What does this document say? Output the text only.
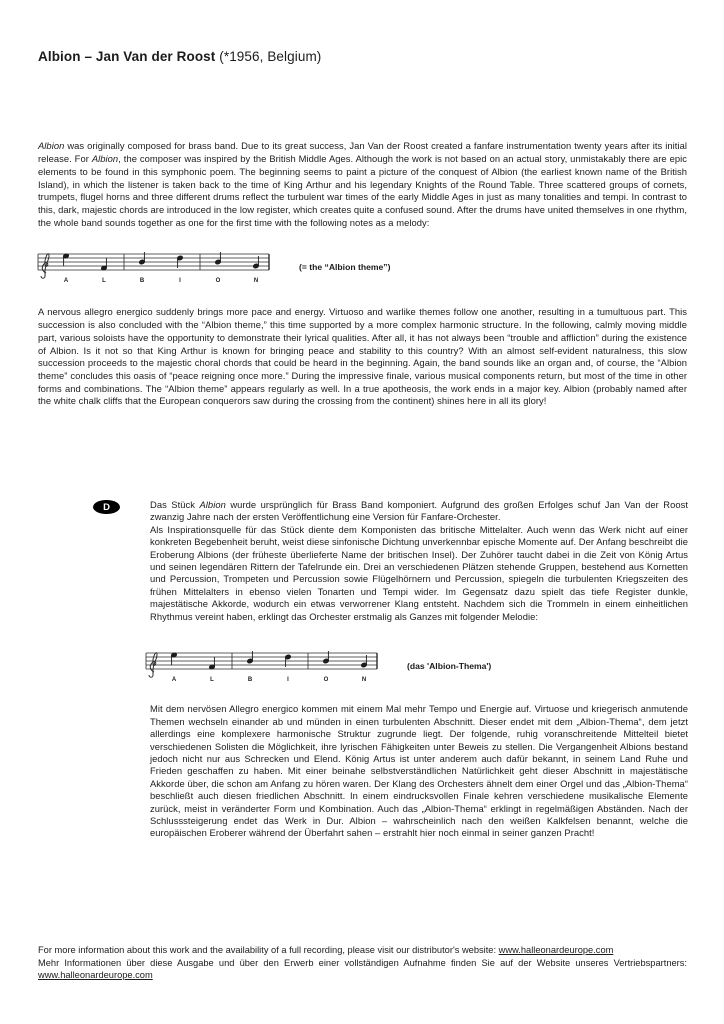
Albion – Jan Van der Roost (*1956, Belgium)

Albion was originally composed for brass band. Due to its great success, Jan Van der Roost created a fanfare instrumentation twenty years after its initial release. For Albion, the composer was inspired by the British Middle Ages. Although the work is not based on an actual story, unmistakably there are epic elements to be found in this symphonic poem. The beginning seems to paint a picture of the conquest of Albion (the earliest known name of the British Island), in which the listener is taken back to the time of King Arthur and his legendary Knights of the Round Table. Three scattered groups of cornets, trumpets, flugel horns and three different drums reflect the turbulent war times of the early Middle Ages in just as many tonalities and tempi. In contrast to this, dark, majestic chords are introduced in the low register, which creates quite a confused sound. After the drums have united themselves in one rhythm, the whole band sounds together as one for the first time with the following notes as a melody:

A	L	B	I	O	N
(= the “Albion theme”)

A nervous allegro energico suddenly brings more pace and energy. Virtuoso and warlike themes follow one another, resulting in a tumultuous part. This succession is also concluded with the “Albion theme,” this time supported by a more complex harmonic structure. In the following, calmly moving middle part, various soloists have the opportunity to demonstrate their lyrical qualities. After all, it has not always been “trouble and affliction” during the existence of Albion. Is it not so that King Arthur is known for bringing peace and stability to this country? With an almost self-evident naturalness, this slow succession proceeds to the majestic choral chords that could be heard in the beginning. Again, the band sounds like an organ and, of course, the “Albion theme” concludes this oasis of “peace reigning once more.” During the impressive finale, various musical components return, but most of the time in other forms and combinations. The “Albion theme” appears regularly as well. In a true apotheosis, the work ends in a major key. Albion (probably named after the white chalk cliffs that the European conquerors saw during the crossing from the continent) shines here in all its glory!

D	Das Stück Albion wurde ursprünglich für Brass Band komponiert. Aufgrund des großen Erfolges schuf Jan Van der Roost zwanzig Jahre nach der ersten Veröffentlichung eine Version für Fanfare-Orchester.

Als Inspirationsquelle für das Stück diente dem Komponisten das britische Mittelalter. Auch wenn das Werk nicht auf einer konkreten Begebenheit beruht, weist diese sinfonische Dichtung unverkennbar epische Momente auf. Der Anfang beschreibt die Eroberung Albions (der früheste überlieferte Name der britischen Insel). Der Zuhörer taucht dabei in die Zeit von König Artus und seinen legendären Rittern der Tafelrunde ein. Drei an verschiedenen Plätzen stehende Gruppen, bestehend aus Kornetten und Percussion, Trompeten und Percussion sowie Flügelhörnern und Percussion, spiegeln die turbulenten Kriegszeiten des frühen Mittelalters in ebenso vielen Tonarten und Tempi wider. Im Gegensatz dazu spielt das tiefe Register dunkle, majestätische Akkorde, wodurch ein etwas verworrener Klang entsteht. Nachdem sich die Trommeln in einem einheitlichen Rhythmus vereint haben, erklingt das Orchester erstmalig als Ganzes mit folgender Melodie:

A	L	B	I	O	N
(das 'Albion-Thema')

Mit dem nervösen Allegro energico kommen mit einem Mal mehr Tempo und Energie auf. Virtuose und kriegerisch anmutende Themen wechseln einander ab und münden in einen turbulenten Abschnitt. Dieser endet mit dem „Albion-Thema“, dem jetzt allerdings eine komplexere harmonische Struktur zugrunde liegt. Der folgende, ruhig voranschreitende Mittelteil bietet verschiedenen Solisten die Möglichkeit, ihre lyrischen Fähigkeiten unter Beweis zu stellen. Die Vergangenheit Albions bestand jedoch nicht nur aus Schrecken und Elend. König Artus ist unter anderem auch dafür bekannt, in seinem Land Ruhe und Frieden geschaffen zu haben. Mit einer beinahe selbstverständlichen Natürlichkeit geht dieser Abschnitt in majestätische Akkorde über, die schon am Anfang zu hören waren. Der Klang des Orchesters ähnelt dem einer Orgel und das „Albion-Thema“ beschließt auch diesen friedlichen Abschnitt. In einem eindrucksvollen Finale kehren verschiedene musikalische Elemente zurück, meist in veränderter Form und Kombination. Auch das „Albion-Thema“ erklingt in regelmäßigen Abständen. Nach der Schlusssteigerung endet das Werk in Dur. Albion – wahrscheinlich nach den weißen Kalkfelsen benannt, welche die europäischen Eroberer während der Überfahrt sahen – erstrahlt hier noch einmal in seiner ganzen Pracht!

For more information about this work and the availability of a full recording, please visit our distributor's website: www.halleonardeurope.com
Mehr Informationen über diese Ausgabe und über den Erwerb einer vollständigen Aufnahme finden Sie auf der Website unseres Vertriebspartners:
www.halleonardeurope.com
